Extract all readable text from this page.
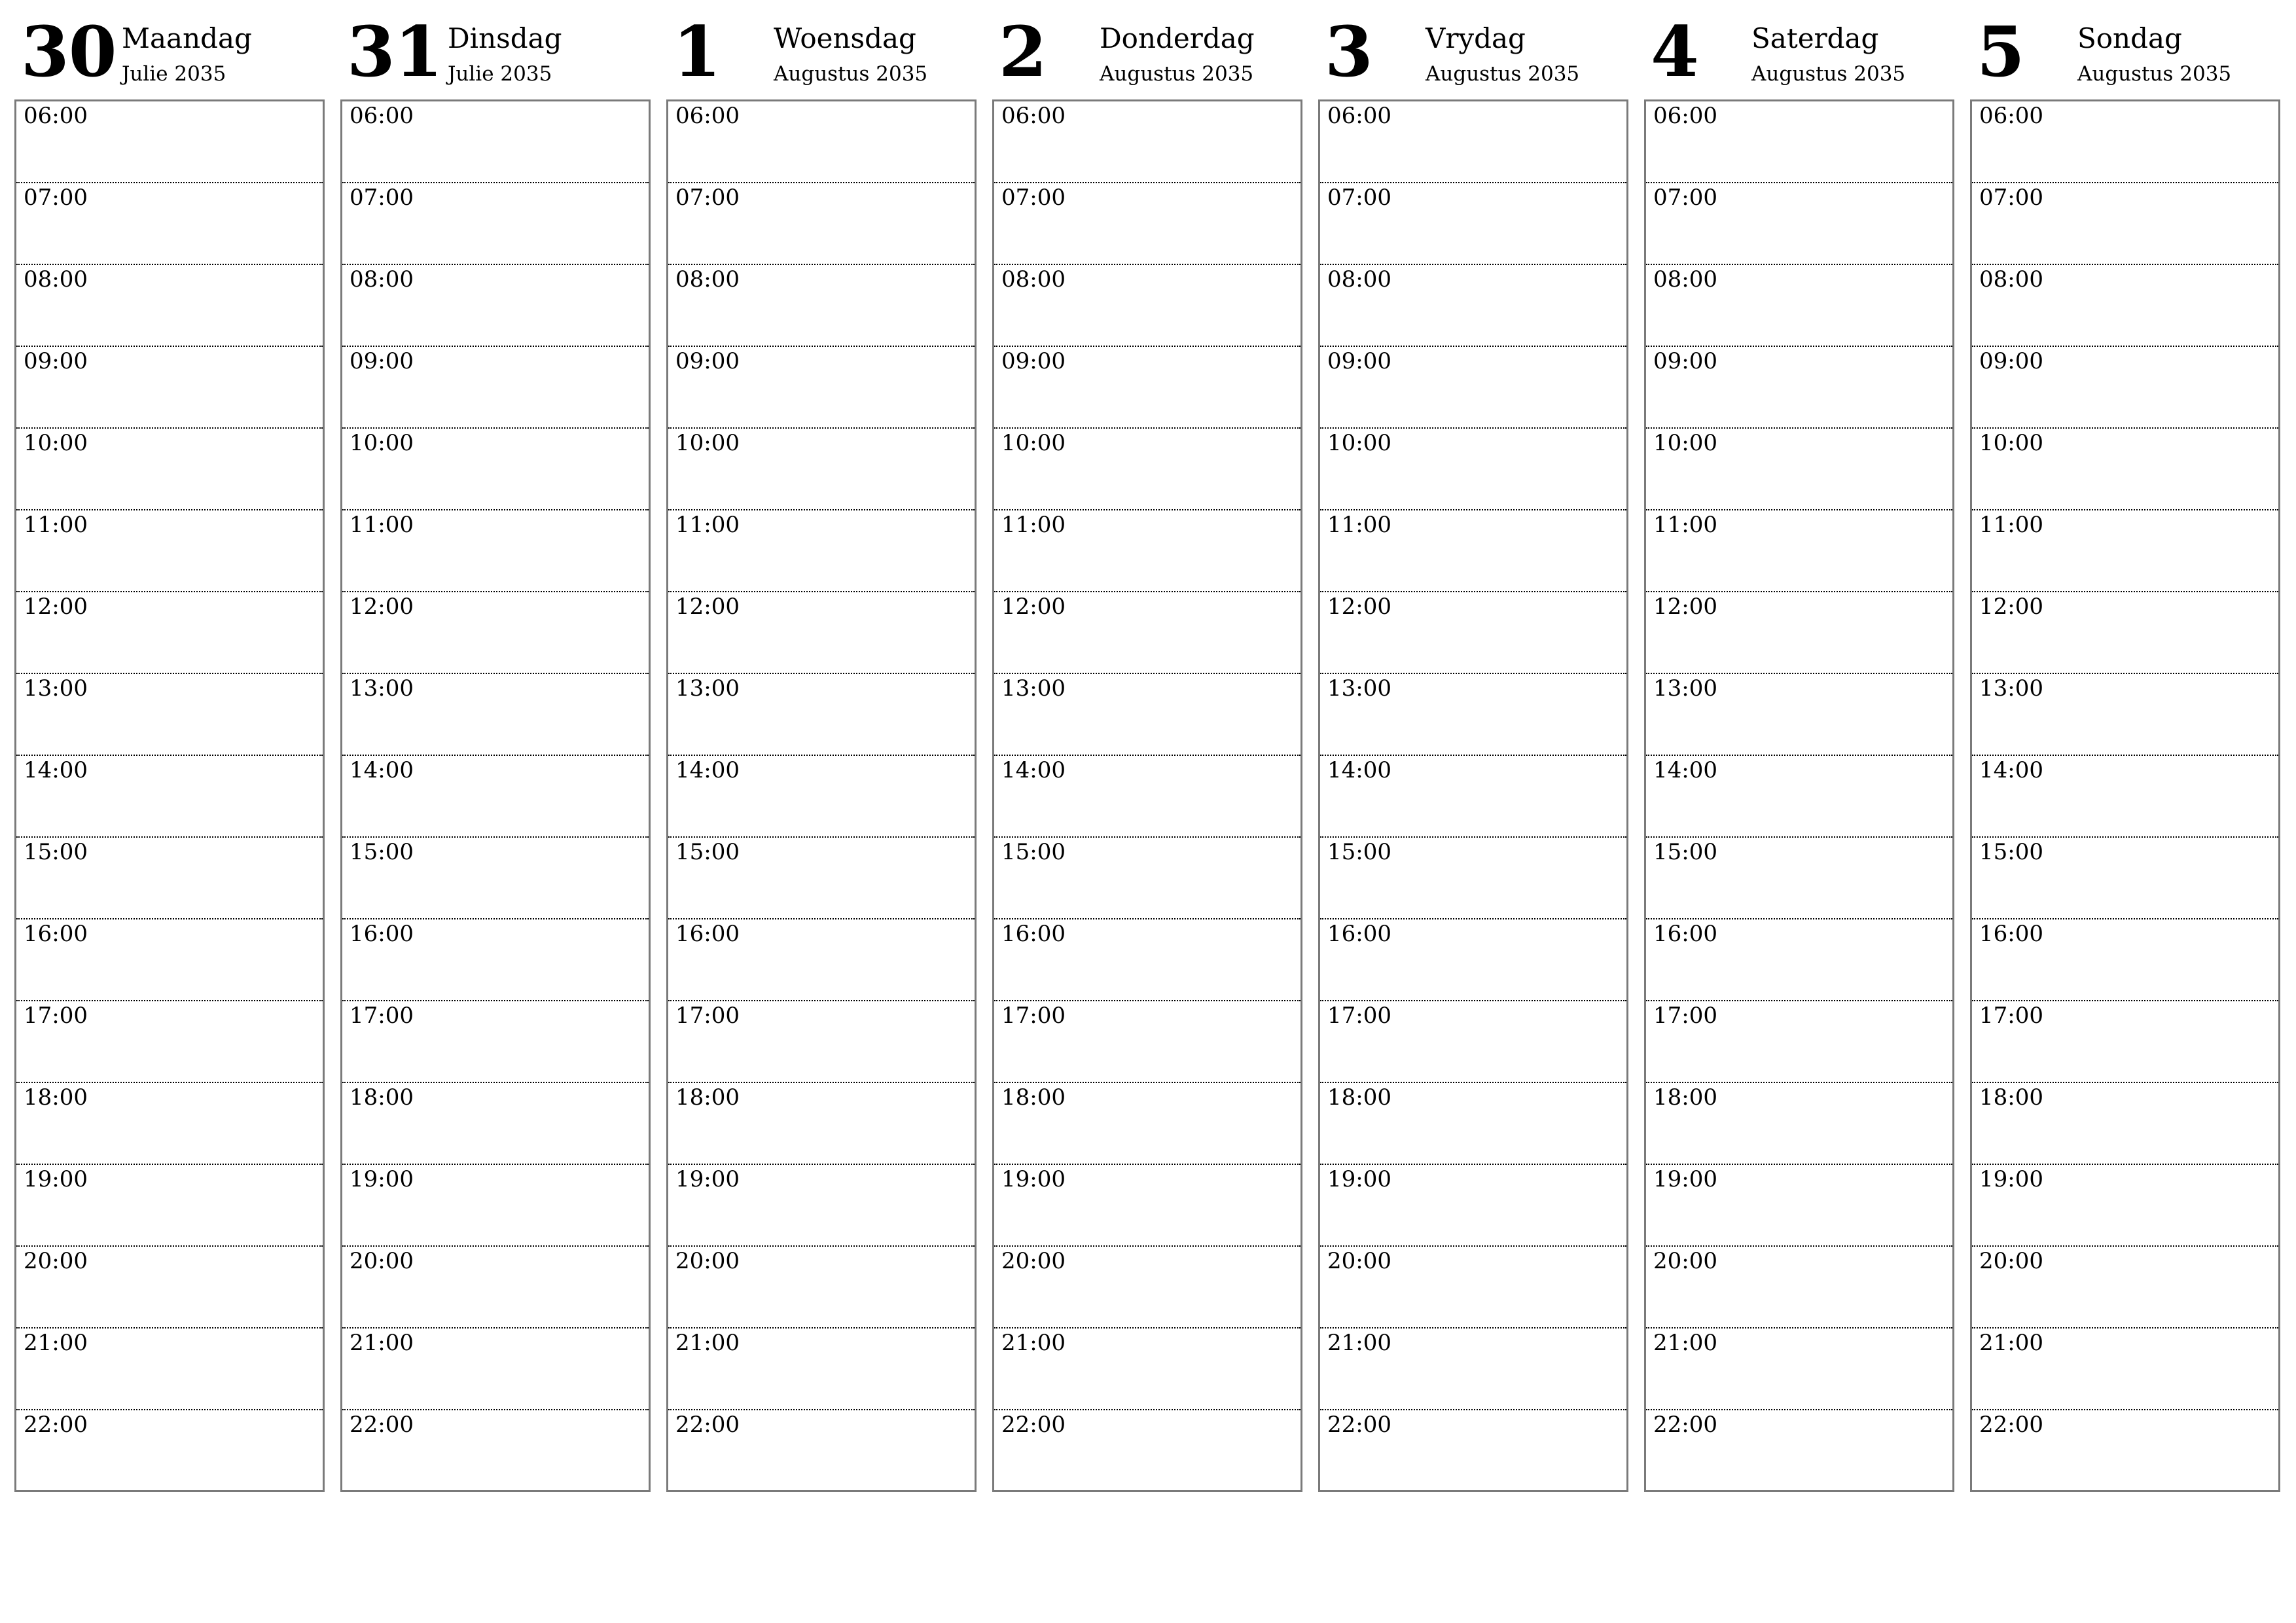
30 Maandag
Julie 2035
06:00
07:00
08:00
09:00
10:00
11:00
12:00
13:00
14:00
15:00
16:00
17:00
18:00
19:00
20:00
21:00
22:00
31 Dinsdag
Julie 2035
06:00
07:00
08:00
09:00
10:00
11:00
12:00
13:00
14:00
15:00
16:00
17:00
18:00
19:00
20:00
21:00
22:00
1 Woensdag
Augustus 2035
06:00
07:00
08:00
09:00
10:00
11:00
12:00
13:00
14:00
15:00
16:00
17:00
18:00
19:00
20:00
21:00
22:00
2 Donderdag
Augustus 2035
06:00
07:00
08:00
09:00
10:00
11:00
12:00
13:00
14:00
15:00
16:00
17:00
18:00
19:00
20:00
21:00
22:00
3 Vrydag
Augustus 2035
06:00
07:00
08:00
09:00
10:00
11:00
12:00
13:00
14:00
15:00
16:00
17:00
18:00
19:00
20:00
21:00
22:00
4 Saterdag
Augustus 2035
06:00
07:00
08:00
09:00
10:00
11:00
12:00
13:00
14:00
15:00
16:00
17:00
18:00
19:00
20:00
21:00
22:00
5 Sondag
Augustus 2035
06:00
07:00
08:00
09:00
10:00
11:00
12:00
13:00
14:00
15:00
16:00
17:00
18:00
19:00
20:00
21:00
22:00
